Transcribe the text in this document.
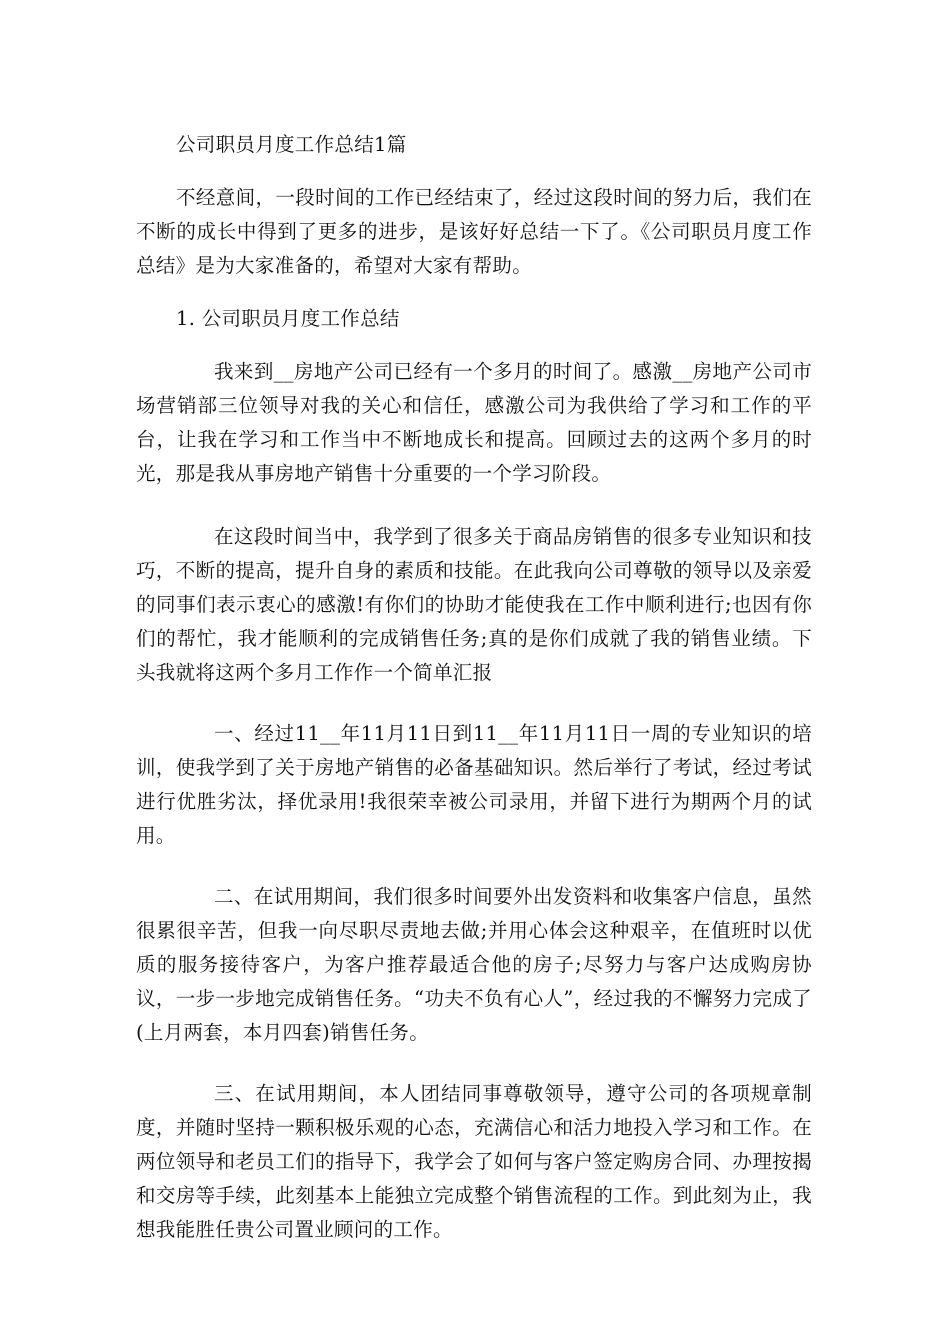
公司职员月度工作总结1篇

不经意间，一段时间的工作已经结束了，经过这段时间的努力后，我们在不断的成长中得到了更多的进步，是该好好总结一下了。《公司职员月度工作总结》是为大家准备的，希望对大家有帮助。

1. 公司职员月度工作总结

我来到__房地产公司已经有一个多月的时间了。感激__房地产公司市场营销部三位领导对我的关心和信任，感激公司为我供给了学习和工作的平台，让我在学习和工作当中不断地成长和提高。回顾过去的这两个多月的时光，那是我从事房地产销售十分重要的一个学习阶段。

在这段时间当中，我学到了很多关于商品房销售的很多专业知识和技巧，不断的提高，提升自身的素质和技能。在此我向公司尊敬的领导以及亲爱的同事们表示衷心的感激!有你们的协助才能使我在工作中顺利进行;也因有你们的帮忙，我才能顺利的完成销售任务;真的是你们成就了我的销售业绩。下头我就将这两个多月工作作一个简单汇报

一、经过11__年11月11日到11__年11月11日一周的专业知识的培训，使我学到了关于房地产销售的必备基础知识。然后举行了考试，经过考试进行优胜劣汰，择优录用!我很荣幸被公司录用，并留下进行为期两个月的试用。

二、在试用期间，我们很多时间要外出发资料和收集客户信息，虽然很累很辛苦，但我一向尽职尽责地去做;并用心体会这种艰辛，在值班时以优质的服务接待客户，为客户推荐最适合他的房子;尽努力与客户达成购房协议，一步一步地完成销售任务。“功夫不负有心人”，经过我的不懈努力完成了(上月两套，本月四套)销售任务。

三、在试用期间，本人团结同事尊敬领导，遵守公司的各项规章制度，并随时坚持一颗积极乐观的心态，充满信心和活力地投入学习和工作。在两位领导和老员工们的指导下，我学会了如何与客户签定购房合同、办理按揭和交房等手续，此刻基本上能独立完成整个销售流程的工作。到此刻为止，我想我能胜任贵公司置业顾问的工作。
